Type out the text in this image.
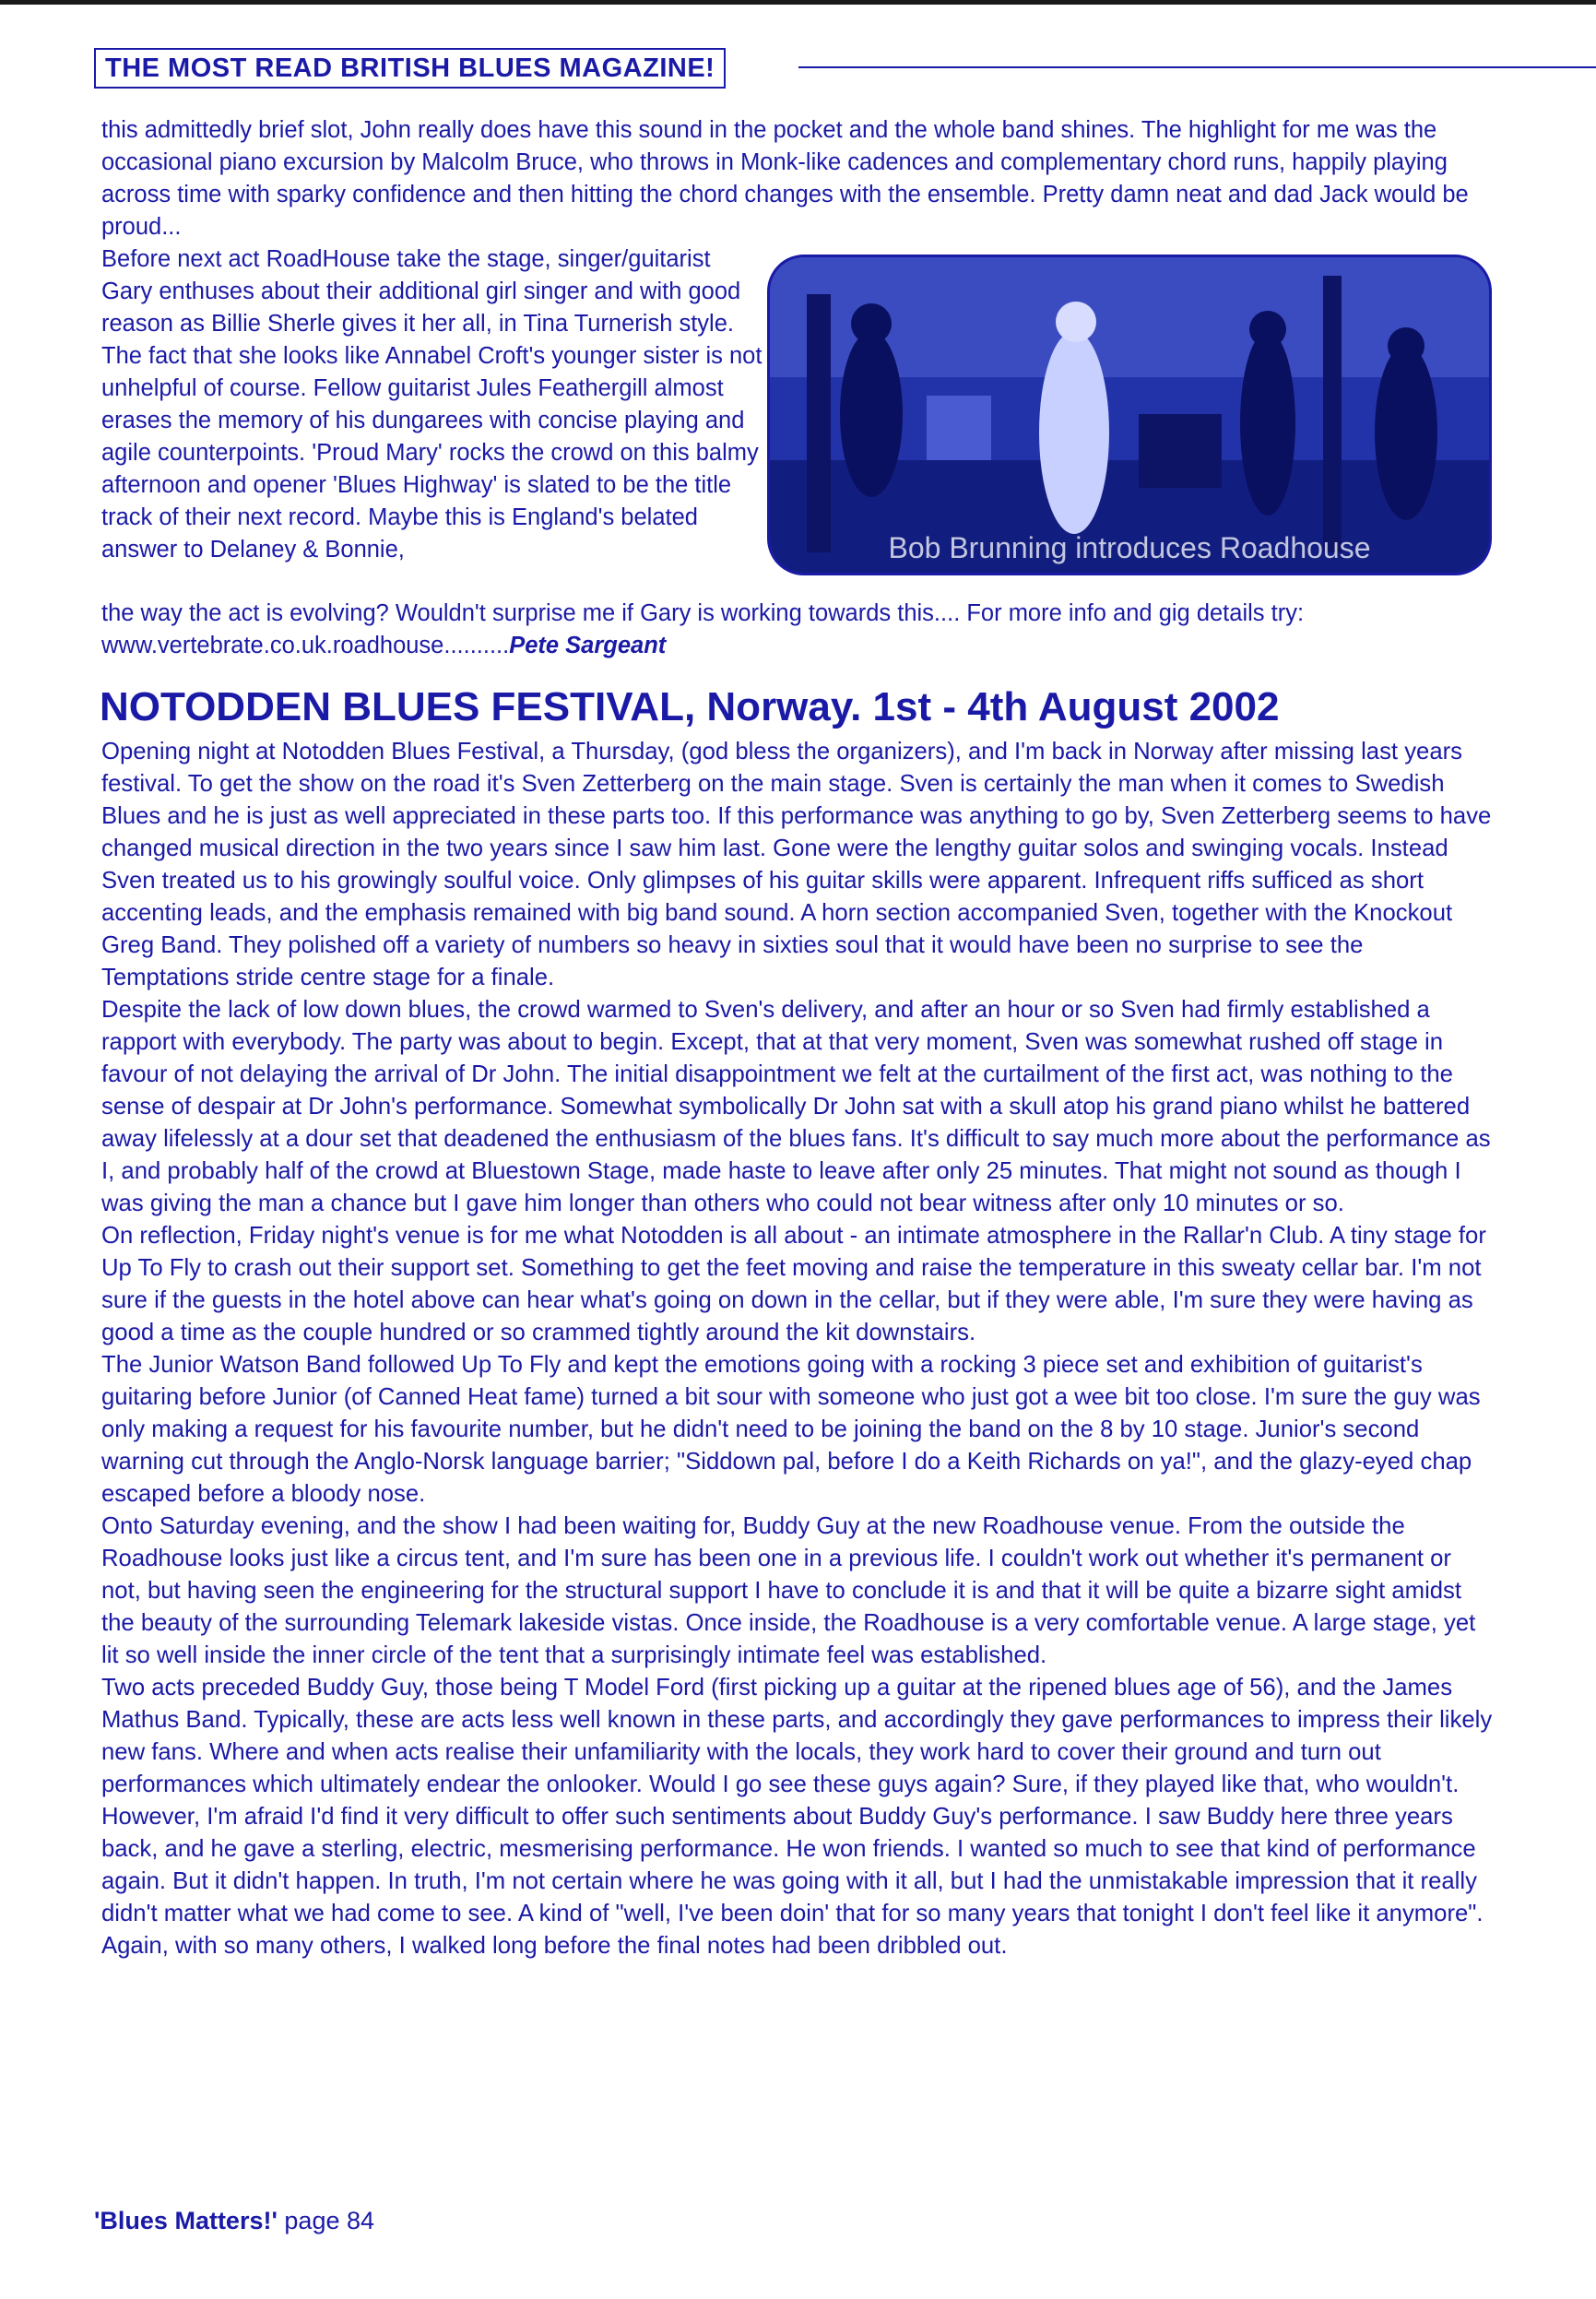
THE MOST READ BRITISH BLUES MAGAZINE!

this admittedly brief slot, John really does have this sound in the pocket and the whole band shines. The highlight for me was the occasional piano excursion by Malcolm Bruce, who throws in Monk-like cadences and complementary chord runs, happily playing across time with sparky confidence and then hitting the chord changes with the ensemble. Pretty damn neat and dad Jack would be proud...

Before next act RoadHouse take the stage, singer/guitarist Gary enthuses about their additional girl singer and with good reason as Billie Sherle gives it her all, in Tina Turnerish style. The fact that she looks like Annabel Croft's younger sister is not unhelpful of course. Fellow guitarist Jules Feathergill almost erases the memory of his dungarees with concise playing and agile counterpoints. 'Proud Mary' rocks the crowd on this balmy afternoon and opener 'Blues Highway' is slated to be the title track of their next record. Maybe this is England's belated answer to Delaney & Bonnie,	Bob Brunning introduces Roadhouse

the way the act is evolving? Wouldn't surprise me if Gary is working towards this.... For more info and gig details try: www.vertebrate.co.uk.roadhouse..........Pete Sargeant

NOTODDEN BLUES FESTIVAL, Norway. 1st - 4th August 2002

Opening night at Notodden Blues Festival, a Thursday, (god bless the organizers), and I'm back in Norway after missing last years festival. To get the show on the road it's Sven Zetterberg on the main stage. Sven is certainly the man when it comes to Swedish Blues and he is just as well appreciated in these parts too. If this performance was anything to go by, Sven Zetterberg seems to have changed musical direction in the two years since I saw him last. Gone were the lengthy guitar solos and swinging vocals. Instead Sven treated us to his growingly soulful voice. Only glimpses of his guitar skills were apparent. Infrequent riffs sufficed as short accenting leads, and the emphasis remained with big band sound. A horn section accompanied Sven, together with the Knockout Greg Band. They polished off a variety of numbers so heavy in sixties soul that it would have been no surprise to see the Temptations stride centre stage for a finale.

Despite the lack of low down blues, the crowd warmed to Sven's delivery, and after an hour or so Sven had firmly established a rapport with everybody. The party was about to begin. Except, that at that very moment, Sven was somewhat rushed off stage in favour of not delaying the arrival of Dr John. The initial disappointment we felt at the curtailment of the first act, was nothing to the sense of despair at Dr John's performance. Somewhat symbolically Dr John sat with a skull atop his grand piano whilst he battered away lifelessly at a dour set that deadened the enthusiasm of the blues fans. It's difficult to say much more about the performance as I, and probably half of the crowd at Bluestown Stage, made haste to leave after only 25 minutes. That might not sound as though I was giving the man a chance but I gave him longer than others who could not bear witness after only 10 minutes or so.

On reflection, Friday night's venue is for me what Notodden is all about - an intimate atmosphere in the Rallar'n Club. A tiny stage for Up To Fly to crash out their support set. Something to get the feet moving and raise the temperature in this sweaty cellar bar. I'm not sure if the guests in the hotel above can hear what's going on down in the cellar, but if they were able, I'm sure they were having as good a time as the couple hundred or so crammed tightly around the kit downstairs.

The Junior Watson Band followed Up To Fly and kept the emotions going with a rocking 3 piece set and exhibition of guitarist's guitaring before Junior (of Canned Heat fame) turned a bit sour with someone who just got a wee bit too close. I'm sure the guy was only making a request for his favourite number, but he didn't need to be joining the band on the 8 by 10 stage. Junior's second warning cut through the Anglo-Norsk language barrier; "Siddown pal, before I do a Keith Richards on ya!", and the glazy-eyed chap escaped before a bloody nose.

Onto Saturday evening, and the show I had been waiting for, Buddy Guy at the new Roadhouse venue. From the outside the Roadhouse looks just like a circus tent, and I'm sure has been one in a previous life. I couldn't work out whether it's permanent or not, but having seen the engineering for the structural support I have to conclude it is and that it will be quite a bizarre sight amidst the beauty of the surrounding Telemark lakeside vistas. Once inside, the Roadhouse is a very comfortable venue. A large stage, yet lit so well inside the inner circle of the tent that a surprisingly intimate feel was established.

Two acts preceded Buddy Guy, those being T Model Ford (first picking up a guitar at the ripened blues age of 56), and the James Mathus Band. Typically, these are acts less well known in these parts, and accordingly they gave performances to impress their likely new fans. Where and when acts realise their unfamiliarity with the locals, they work hard to cover their ground and turn out performances which ultimately endear the onlooker. Would I go see these guys again? Sure, if they played like that, who wouldn't.

However, I'm afraid I'd find it very difficult to offer such sentiments about Buddy Guy's performance. I saw Buddy here three years back, and he gave a sterling, electric, mesmerising performance. He won friends. I wanted so much to see that kind of performance again. But it didn't happen. In truth, I'm not certain where he was going with it all, but I had the unmistakable impression that it really didn't matter what we had come to see. A kind of "well, I've been doin' that for so many years that tonight I don't feel like it anymore". Again, with so many others, I walked long before the final notes had been dribbled out.

'Blues Matters!' page 84
